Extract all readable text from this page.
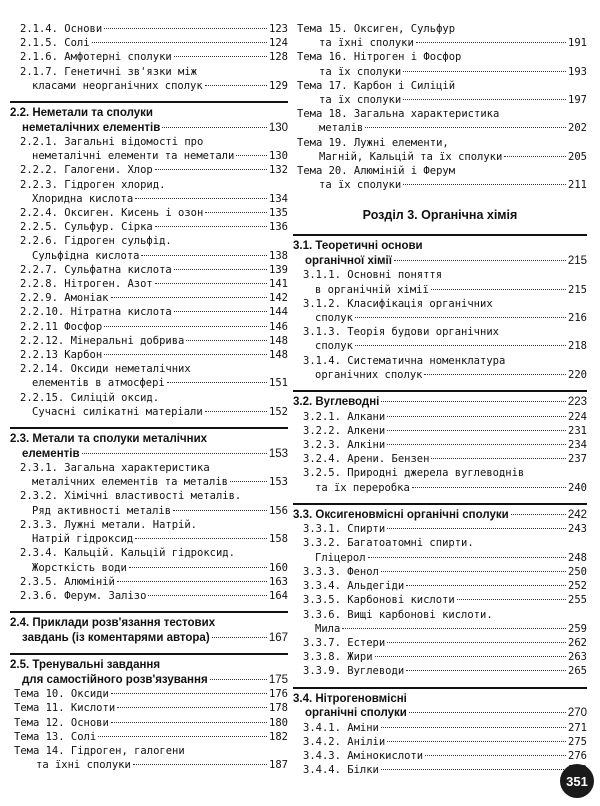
2.1.4. Основи	123
2.1.5. Солі	124
2.1.6. Амфотерні сполуки	128
2.1.7. Генетичні зв'язки між
класами неорганічних сполук	129
2.2. Неметали та сполуки
неметалічних елементів	130
2.2.1. Загальні відомості про
неметалічні елементи та неметали	130
2.2.2. Галогени. Хлор	132
2.2.3. Гідроген хлорид.
Хлоридна кислота	134
2.2.4. Оксиген. Кисень і озон	135
2.2.5. Сульфур. Сірка	136
2.2.6. Гідроген сульфід.
Сульфідна кислота	138
2.2.7. Сульфатна кислота	139
2.2.8. Нітроген. Азот	141
2.2.9. Амоніак	142
2.2.10. Нітратна кислота	144
2.2.11 Фосфор	146
2.2.12. Мінеральні добрива	148
2.2.13 Карбон	148
2.2.14. Оксиди неметалічних
елементів в атмосфері	151
2.2.15. Силіцій оксид.
Сучасні силікатні матеріали	152
2.3. Метали та сполуки металічних
елементів	153
2.3.1. Загальна характеристика
металічних елементів та металів	153
2.3.2. Хімічні властивості металів.
Ряд активності металів	156
2.3.3. Лужні метали. Натрій.
Натрій гідроксид	158
2.3.4. Кальцій. Кальцій гідроксид.
Жорсткість води	160
2.3.5. Алюміній	163
2.3.6. Ферум. Залізо	164
2.4. Приклади розв'язання тестових
завдань (із коментарями автора)	167
2.5. Тренувальні завдання
для самостійного розв'язування	175
Тема 10. Оксиди	176
Тема 11. Кислоти	178
Тема 12. Основи	180
Тема 13. Солі	182
Тема 14. Гідроген, галогени
та їхні сполуки	187
Тема 15. Оксиген, Сульфур
та їхні сполуки	191
Тема 16. Нітроген і Фосфор
та їх сполуки	193
Тема 17. Карбон і Силіцій
та їх сполуки	197
Тема 18. Загальна характеристика
металів	202
Тема 19. Лужні елементи,
Магній, Кальцій та їх сполуки	205
Тема 20. Алюміній і Ферум
та їх сполуки	211
Розділ 3. Органічна хімія
3.1. Теоретичні основи
органічної хімії	215
3.1.1. Основні поняття
в органічній хімії	215
3.1.2. Класифікація органічних
сполук	216
3.1.3. Теорія будови органічних
сполук	218
3.1.4. Систематична номенклатура
органічних сполук	220
3.2. Вуглеводні	223
3.2.1. Алкани	224
3.2.2. Алкени	231
3.2.3. Алкіни	234
3.2.4. Арени. Бензен	237
3.2.5. Природні джерела вуглеводнів
та їх переробка	240
3.3. Оксигеновмісні органічні сполуки	242
3.3.1. Спирти	243
3.3.2. Багатоатомні спирти.
Гліцерол	248
3.3.3. Фенол	250
3.3.4. Альдегіди	252
3.3.5. Карбонові кислоти	255
3.3.6. Вищі карбонові кислоти.
Мила	259
3.3.7. Естери	262
3.3.8. Жири	263
3.3.9. Вуглеводи	265
3.4. Нітрогеновмісні
органічні сполуки	270
3.4.1. Аміни	271
3.4.2. Аніліи	275
3.4.3. Амінокислоти	276
3.4.4. Білки
351
